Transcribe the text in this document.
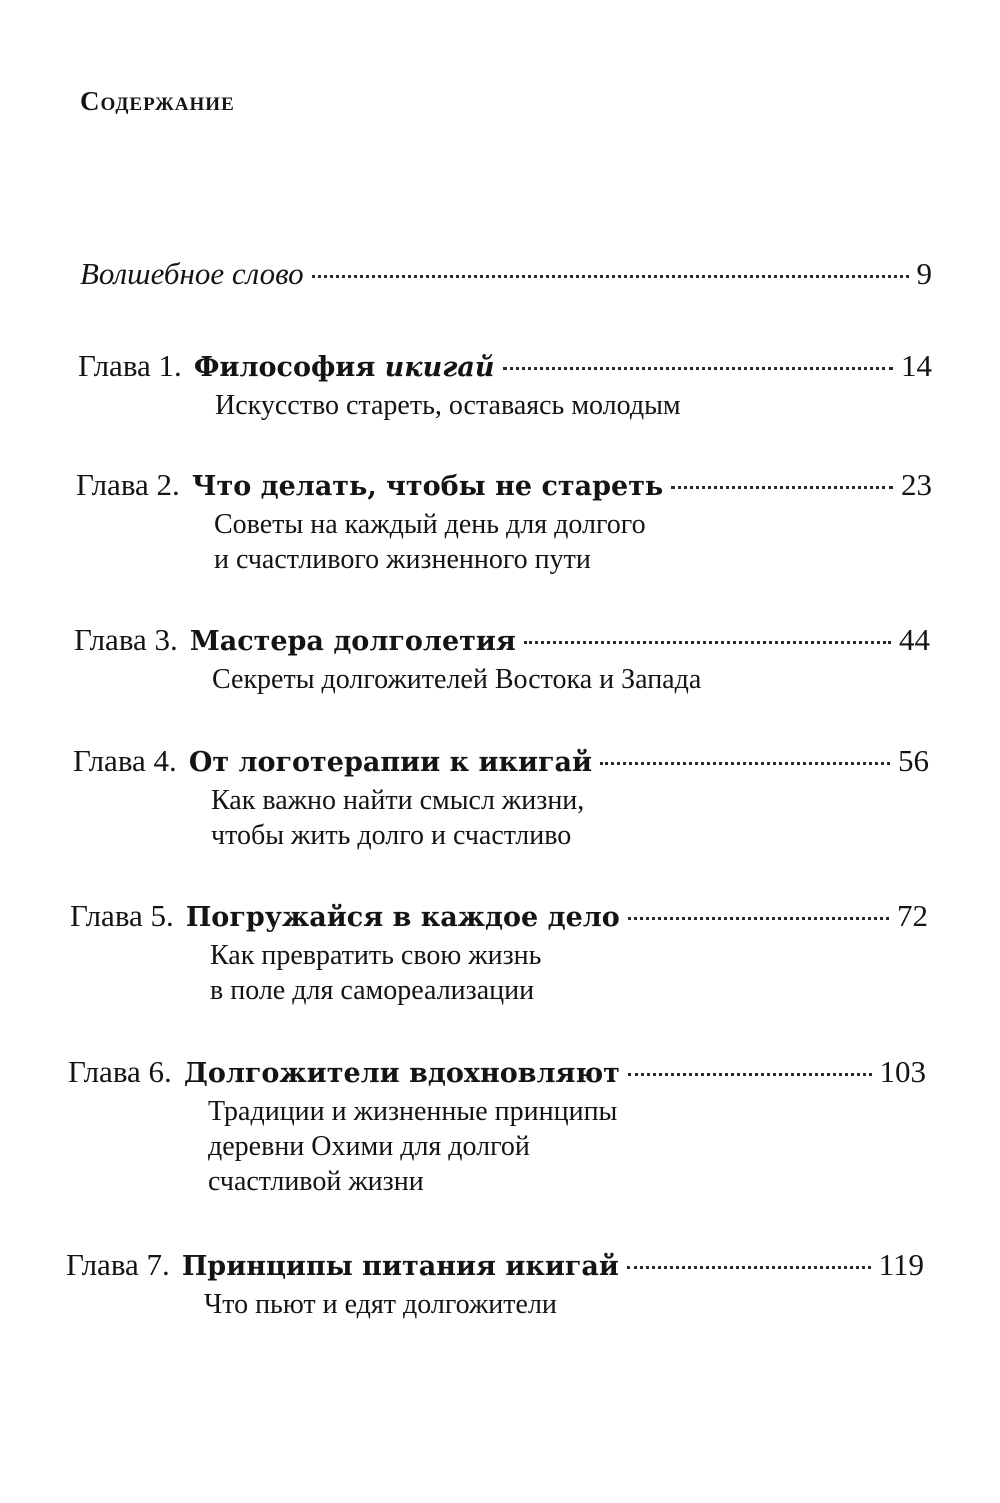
Содержание
Волшебное слово	9
Глава 1. Философия икигай	14
Искусство стареть, оставаясь молодым
Глава 2. Что делать, чтобы не стареть	23
Советы на каждый день для долгого
и счастливого жизненного пути
Глава 3. Мастера долголетия	44
Секреты долгожителей Востока и Запада
Глава 4. От логотерапии к икигай	56
Как важно найти смысл жизни,
чтобы жить долго и счастливо
Глава 5. Погружайся в каждое дело	72
Как превратить свою жизнь
в поле для самореализации
Глава 6. Долгожители вдохновляют	103
Традиции и жизненные принципы
деревни Охими для долгой
счастливой жизни
Глава 7. Принципы питания икигай	119
Что пьют и едят долгожители
